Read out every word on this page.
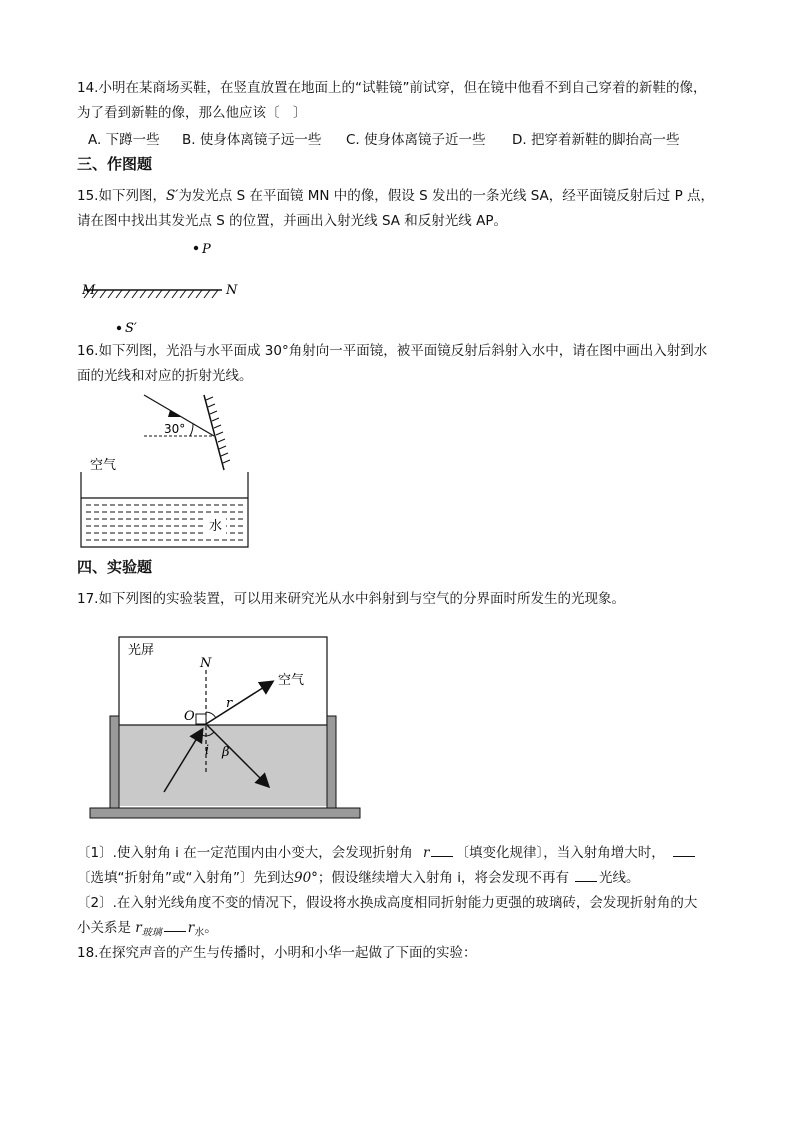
14.小明在某商场买鞋，在竖直放置在地面上的“试鞋镜”前试穿，但在镜中他看不到自己穿着的新鞋的像，
为了看到新鞋的像，那么他应该〔　〕
A. 下蹲一些 B. 使身体离镜子远一些 C. 使身体离镜子近一些 D. 把穿着新鞋的脚抬高一些
三、作图题
15.如下列图，S′为发光点 S 在平面镜 MN 中的像，假设 S 发出的一条光线 SA，经平面镜反射后过 P 点，
请在图中找出其发光点 S 的位置，并画出入射光线 SA 和反射光线 AP。
P
M	N
S′
16.如下列图，光沿与水平面成 30°角射向一平面镜，被平面镜反射后斜射入水中，请在图中画出入射到水
面的光线和对应的折射光线。
30°
空气
水
四、实验题
17.如下列图的实验装置，可以用来研究光从水中斜射到与空气的分界面时所发生的光现象。
光屏
N
O
空气
r
i β
〔1〕.使入射角 i 在一定范围内由小变大，会发现折射角 r 〔填变化规律〕，当入射角增大时，
〔选填“折射角”或“入射角”〕先到达90°；假设继续增大入射角 i，将会发现不再有 光线。
〔2〕.在入射光线角度不变的情况下，假设将水换成高度相同折射能力更强的玻璃砖，会发现折射角的大
小关系是 $r_{玻璃}$ $r_水$。
18.在探究声音的产生与传播时，小明和小华一起做了下面的实验：
